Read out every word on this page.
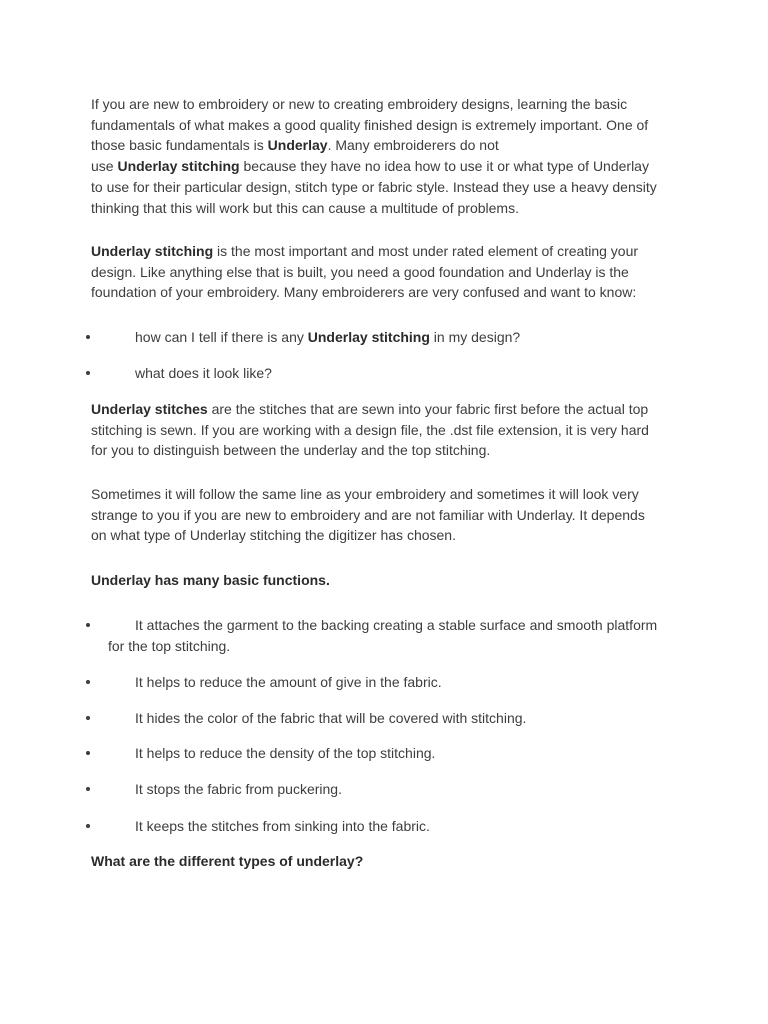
If you are new to embroidery or new to creating embroidery designs, learning the basic
fundamentals of what makes a good quality finished design is extremely important. One of
those basic fundamentals is Underlay. Many embroiderers do not
use Underlay stitching because they have no idea how to use it or what type of Underlay
to use for their particular design, stitch type or fabric style. Instead they use a heavy density
thinking that this will work but this can cause a multitude of problems.
Underlay stitching is the most important and most under rated element of creating your
design. Like anything else that is built, you need a good foundation and Underlay is the
foundation of your embroidery. Many embroiderers are very confused and want to know:
how can I tell if there is any Underlay stitching in my design?
what does it look like?
Underlay stitches are the stitches that are sewn into your fabric first before the actual top
stitching is sewn. If you are working with a design file, the .dst file extension, it is very hard
for you to distinguish between the underlay and the top stitching.
Sometimes it will follow the same line as your embroidery and sometimes it will look very
strange to you if you are new to embroidery and are not familiar with Underlay. It depends
on what type of Underlay stitching the digitizer has chosen.
Underlay has many basic functions.
It attaches the garment to the backing creating a stable surface and smooth platform
for the top stitching.
It helps to reduce the amount of give in the fabric.
It hides the color of the fabric that will be covered with stitching.
It helps to reduce the density of the top stitching.
It stops the fabric from puckering.
It keeps the stitches from sinking into the fabric.
What are the different types of underlay?
